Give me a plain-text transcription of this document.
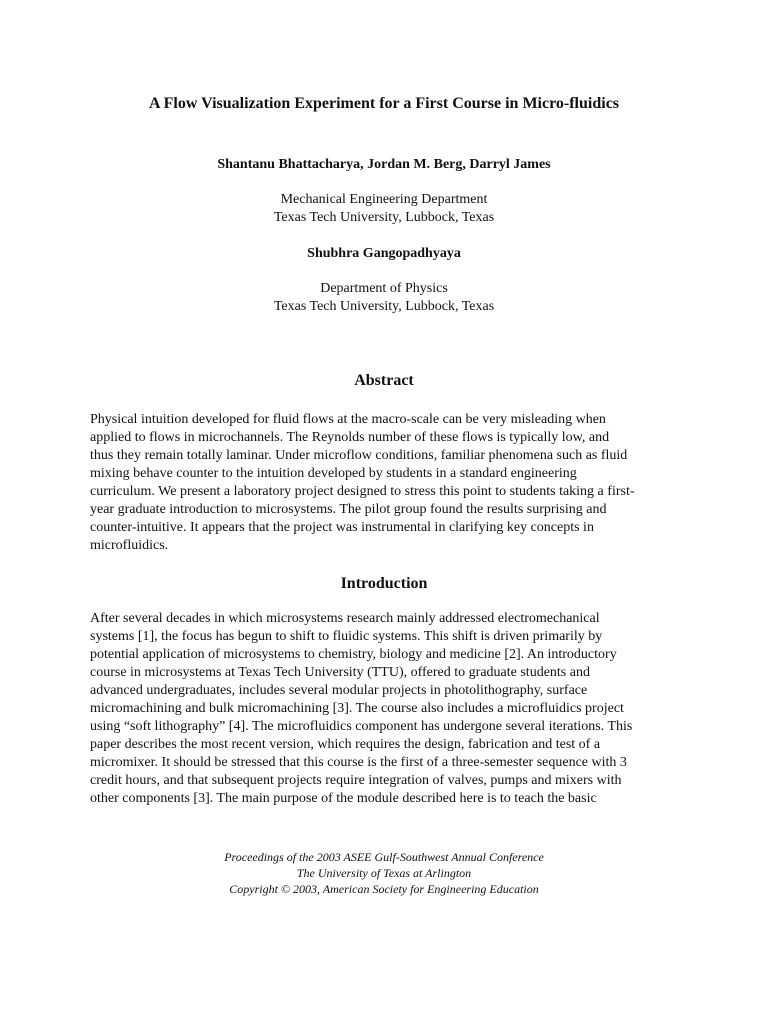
A Flow Visualization Experiment for a First Course in Micro-fluidics
Shantanu Bhattacharya, Jordan M. Berg, Darryl James
Mechanical Engineering Department
Texas Tech University, Lubbock, Texas
Shubhra Gangopadhyaya
Department of Physics
Texas Tech University, Lubbock, Texas
Abstract
Physical intuition developed for fluid flows at the macro-scale can be very misleading when
applied to flows in microchannels. The Reynolds number of these flows is typically low, and
thus they remain totally laminar. Under microflow conditions, familiar phenomena such as fluid
mixing behave counter to the intuition developed by students in a standard engineering
curriculum. We present a laboratory project designed to stress this point to students taking a first-
year graduate introduction to microsystems. The pilot group found the results surprising and
counter-intuitive. It appears that the project was instrumental in clarifying key concepts in
microfluidics.
Introduction
After several decades in which microsystems research mainly addressed electromechanical
systems [1], the focus has begun to shift to fluidic systems. This shift is driven primarily by
potential application of microsystems to chemistry, biology and medicine [2]. An introductory
course in microsystems at Texas Tech University (TTU), offered to graduate students and
advanced undergraduates, includes several modular projects in photolithography, surface
micromachining and bulk micromachining [3]. The course also includes a microfluidics project
using “soft lithography” [4]. The microfluidics component has undergone several iterations. This
paper describes the most recent version, which requires the design, fabrication and test of a
micromixer. It should be stressed that this course is the first of a three-semester sequence with 3
credit hours, and that subsequent projects require integration of valves, pumps and mixers with
other components [3]. The main purpose of the module described here is to teach the basic
Proceedings of the 2003 ASEE Gulf-Southwest Annual Conference
The University of Texas at Arlington
Copyright © 2003, American Society for Engineering Education
